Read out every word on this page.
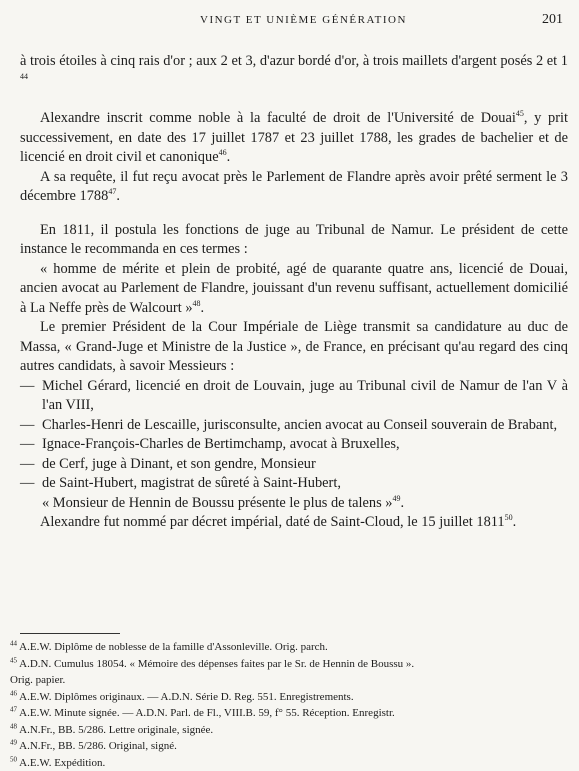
VINGT ET UNIÈME GÉNÉRATION	201

à trois étoiles à cinq rais d'or ; aux 2 et 3, d'azur bordé d'or, à trois maillets d'argent posés 2 et 1 $^{44}$

Alexandre inscrit comme noble à la faculté de droit de l'Université de Douai$^{45}$, y prit successivement, en date des 17 juillet 1787 et 23 juillet 1788, les grades de bachelier et de licencié en droit civil et canonique$^{46}$.

A sa requête, il fut reçu avocat près le Parlement de Flandre après avoir prêté serment le 3 décembre 1788$^{47}$.

En 1811, il postula les fonctions de juge au Tribunal de Namur. Le président de cette instance le recommanda en ces termes :

« homme de mérite et plein de probité, agé de quarante quatre ans, licencié de Douai, ancien avocat au Parlement de Flandre, jouissant d'un revenu suffisant, actuellement domicilié à La Neffe près de Walcourt »$^{48}$.

Le premier Président de la Cour Impériale de Liège transmit sa candidature au duc de Massa, « Grand-Juge et Ministre de la Justice », de France, en précisant qu'au regard des cinq autres candidats, à savoir Messieurs :

— Michel Gérard, licencié en droit de Louvain, juge au Tribunal civil de Namur de l'an V à l'an VIII,

— Charles-Henri de Lescaille, jurisconsulte, ancien avocat au Conseil souverain de Brabant,

— Ignace-François-Charles de Bertimchamp, avocat à Bruxelles,

— de Cerf, juge à Dinant, et son gendre, Monsieur

— de Saint-Hubert, magistrat de sûreté à Saint-Hubert,

« Monsieur de Hennin de Boussu présente le plus de talens »$^{49}$.

Alexandre fut nommé par décret impérial, daté de Saint-Cloud, le 15 juillet 1811$^{50}$.

$^{44}$ A.E.W. Diplôme de noblesse de la famille d'Assonleville. Orig. parch.

$^{45}$ A.D.N. Cumulus 18054. « Mémoire des dépenses faites par le Sr. de Hennin de Boussu ».

Orig. papier.

$^{46}$ A.E.W. Diplômes originaux. — A.D.N. Série D. Reg. 551. Enregistrements.

$^{47}$ A.E.W. Minute signée. — A.D.N. Parl. de Fl., VIII.B. 59, f° 55. Réception. Enregistr.

$^{48}$ A.N.Fr., BB. 5/286. Lettre originale, signée.

$^{49}$ A.N.Fr., BB. 5/286. Original, signé.

$^{50}$ A.E.W. Expédition.
